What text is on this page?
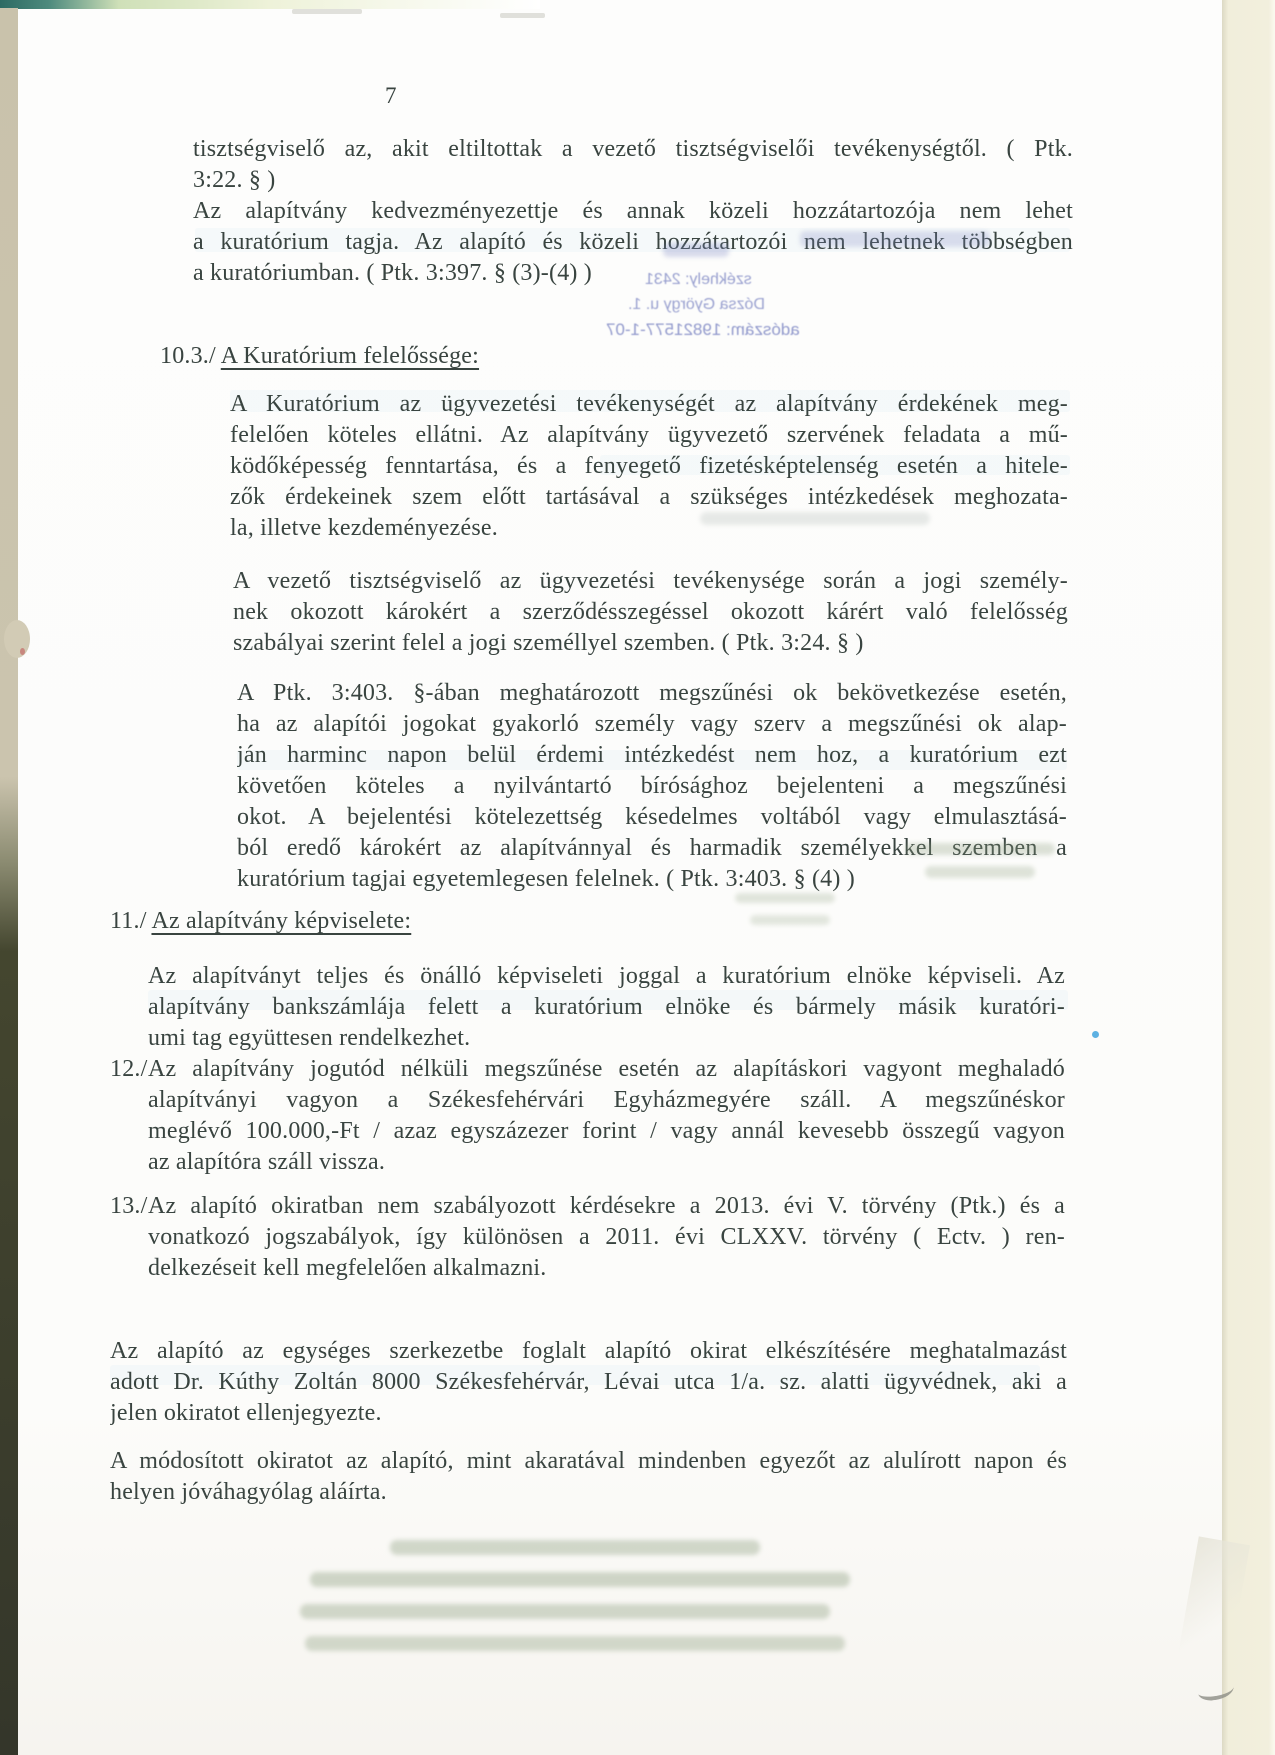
7
tisztségviselő az, akit eltiltottak a vezető tisztségviselői tevékenységtől. ( Ptk.
3:22. § )
Az alapítvány kedvezményezettje és annak közeli hozzátartozója nem lehet
a kuratórium tagja. Az alapító és közeli hozzátartozói nem lehetnek többségben
a kuratóriumban. ( Ptk. 3:397. § (3)-(4) )	székhely: 2431
Dózsa György u. 1.
adószám: 19821577-1-07
10.3./ A Kuratórium felelőssége:
A Kuratórium az ügyvezetési tevékenységét az alapítvány érdekének meg-
felelően köteles ellátni. Az alapítvány ügyvezető szervének feladata a mű-
ködőképesség fenntartása, és a fenyegető fizetésképtelenség esetén a hitele-
zők érdekeinek szem előtt tartásával a szükséges intézkedések meghozata-
la, illetve kezdeményezése.
A vezető tisztségviselő az ügyvezetési tevékenysége során a jogi személy-
nek okozott károkért a szerződésszegéssel okozott kárért való felelősség
szabályai szerint felel a jogi személlyel szemben. ( Ptk. 3:24. § )
A Ptk. 3:403. §-ában meghatározott megszűnési ok bekövetkezése esetén,
ha az alapítói jogokat gyakorló személy vagy szerv a megszűnési ok alap-
ján harminc napon belül érdemi intézkedést nem hoz, a kuratórium ezt
követően köteles a nyilvántartó bírósághoz bejelenteni a megszűnési
okot. A bejelentési kötelezettség késedelmes voltából vagy elmulasztásá-
ból eredő károkért az alapítvánnyal és harmadik személyekkel szemben a
kuratórium tagjai egyetemlegesen felelnek. ( Ptk. 3:403. § (4) )
11./ Az alapítvány képviselete:
Az alapítványt teljes és önálló képviseleti joggal a kuratórium elnöke képviseli. Az
alapítvány bankszámlája felett a kuratórium elnöke és bármely másik kuratóri-
umi tag együttesen rendelkezhet.
12./ Az alapítvány jogutód nélküli megszűnése esetén az alapításkori vagyont meghaladó
alapítványi vagyon a Székesfehérvári Egyházmegyére száll. A megszűnéskor
meglévő 100.000,-Ft / azaz egyszázezer forint / vagy annál kevesebb összegű vagyon
az alapítóra száll vissza.
13./ Az alapító okiratban nem szabályozott kérdésekre a 2013. évi V. törvény (Ptk.) és a
vonatkozó jogszabályok, így különösen a 2011. évi CLXXV. törvény ( Ectv. ) ren-
delkezéseit kell megfelelően alkalmazni.
Az alapító az egységes szerkezetbe foglalt alapító okirat elkészítésére meghatalmazást
adott Dr. Kúthy Zoltán 8000 Székesfehérvár, Lévai utca 1/a. sz. alatti ügyvédnek, aki a
jelen okiratot ellenjegyezte.
A módosított okiratot az alapító, mint akaratával mindenben egyezőt az alulírott napon és
helyen jóváhagyólag aláírta.
